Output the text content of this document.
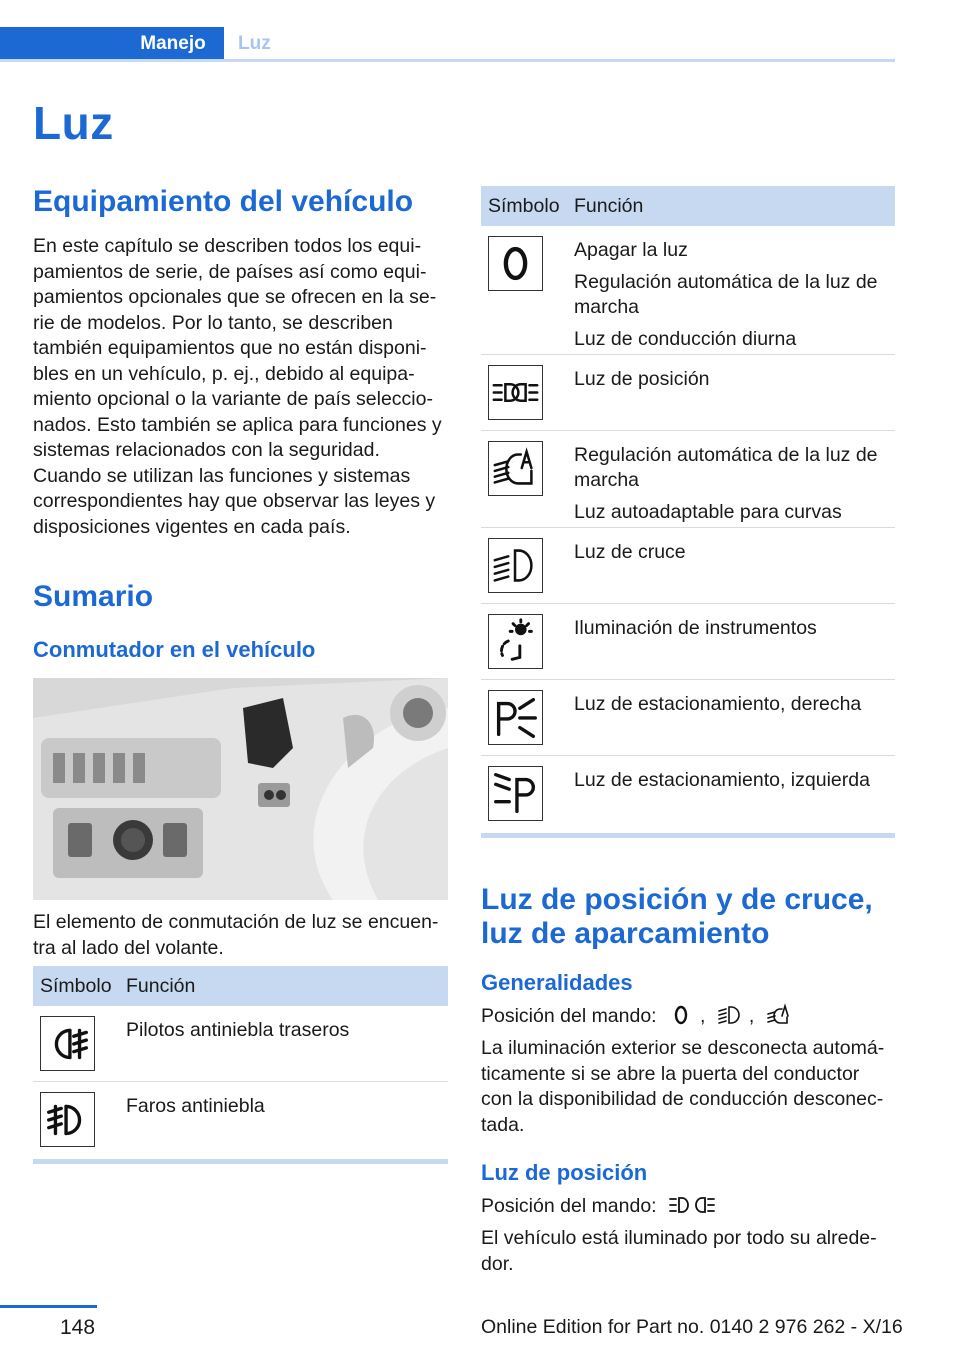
Manejo	Luz
Luz
Equipamiento del vehículo
En este capítulo se describen todos los equi-
pamientos de serie, de países así como equi-
pamientos opcionales que se ofrecen en la se-
rie de modelos. Por lo tanto, se describen
también equipamientos que no están disponi-
bles en un vehículo, p. ej., debido al equipa-
miento opcional o la variante de país seleccio-
nados. Esto también se aplica para funciones y
sistemas relacionados con la seguridad.
Cuando se utilizan las funciones y sistemas
correspondientes hay que observar las leyes y
disposiciones vigentes en cada país.
Sumario
Conmutador en el vehículo
El elemento de conmutación de luz se encuen-
tra al lado del volante.
Símbolo Función

Pilotos antiniebla traseros

Faros antiniebla

Símbolo Función

Apagar la luz

Regulación automática de la luz de marcha

Luz de conducción diurna

Luz de posición

Regulación automática de la luz de marcha

Luz autoadaptable para curvas

Luz de cruce

Iluminación de instrumentos

Luz de estacionamiento, derecha

Luz de estacionamiento, izquierda

Luz de posición y de cruce,
luz de aparcamiento
Generalidades
Posición del mando: , ,
La iluminación exterior se desconecta automá-
ticamente si se abre la puerta del conductor
con la disponibilidad de conducción desconec-
tada.
Luz de posición
Posición del mando:
El vehículo está iluminado por todo su alrede-
dor.
148	Online Edition for Part no. 0140 2 976 262 - X/16
